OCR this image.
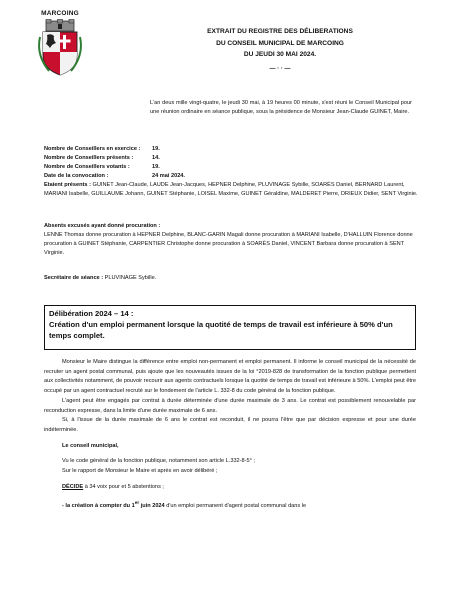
MARCOING
EXTRAIT DU REGISTRE DES DÉLIBERATIONS
DU CONSEIL MUNICIPAL DE MARCOING
DU JEUDI 30 MAI 2024.
— · · —
L'an deux mille vingt-quatre, le jeudi 30 mai, à 19 heures 00 minute, s'est réuni le Conseil Municipal pour une réunion ordinaire en séance publique, sous la présidence de Monsieur Jean-Claude GUINET, Maire.
Nombre de Conseillers en exercice :	19.
Nombre de Conseillers présents :	14.
Nombre de Conseillers votants :	19.
Date de la convocation :	24 mai 2024.
Etaient présents : GUINET Jean-Claude, LAUDE Jean-Jacques, HEPNER Delphine, PLUVINAGE Sybille, SOARÈS Daniel, BERNARD Laurent, MARIANI Isabelle, GUILLAUME Johann, GUINET Stéphanie, LOISEL Maxime, GUINET Géraldine, MALDERET Pierre, DRIEUX Didier, SENT Virginie.
Absents excusés ayant donné procuration :
LENNE Thomas donne procuration à HEPNER Delphine, BLANC-GARIN Magali donne procuration à MARIANI Isabelle, D'HALLUIN Florence donne procuration à GUINET Stéphanie, CARPENTIER Christophe donne procuration à SOARÈS Daniel, VINCENT Barbara donne procuration à SENT Virginie.
Secrétaire de séance : PLUVINAGE Sybille.
Délibération 2024 – 14 :
Création d'un emploi permanent lorsque la quotité de temps de travail est inférieure à 50% d'un temps complet.

Monsieur le Maire distingue la différence entre emploi non-permanent et emploi permanent. Il informe le conseil municipal de la nécessité de recruter un agent postal communal, puis ajoute que les nouveautés issues de la loi °2019-828 de transformation de la fonction publique permettent aux collectivités notamment, de pouvoir recourir aux agents contractuels lorsque la quotité de temps de travail est inférieure à 50%. L'emploi peut être occupé par un agent contractuel recruté sur le fondement de l'article L. 332-8 du code général de la fonction publique.

L'agent peut être engagés par contrat à durée déterminée d'une durée maximale de 3 ans. Le contrat est possiblement renouvelable par reconduction expresse, dans la limite d'une durée maximale de 6 ans.

Si, à l'issue de la durée maximale de 6 ans le contrat est reconduit, il ne pourra l'être que par décision expresse et pour une durée indéterminée.

Le conseil municipal,

Vu le code général de la fonction publique, notamment son article L.332-8-5° ;

Sur le rapport de Monsieur le Maire et après en avoir délibéré ;

DÉCIDE à 34 voix pour et 5 abstentions ;

- la création à compter du 1er juin 2024 d'un emploi permanent d'agent postal communal dans le
